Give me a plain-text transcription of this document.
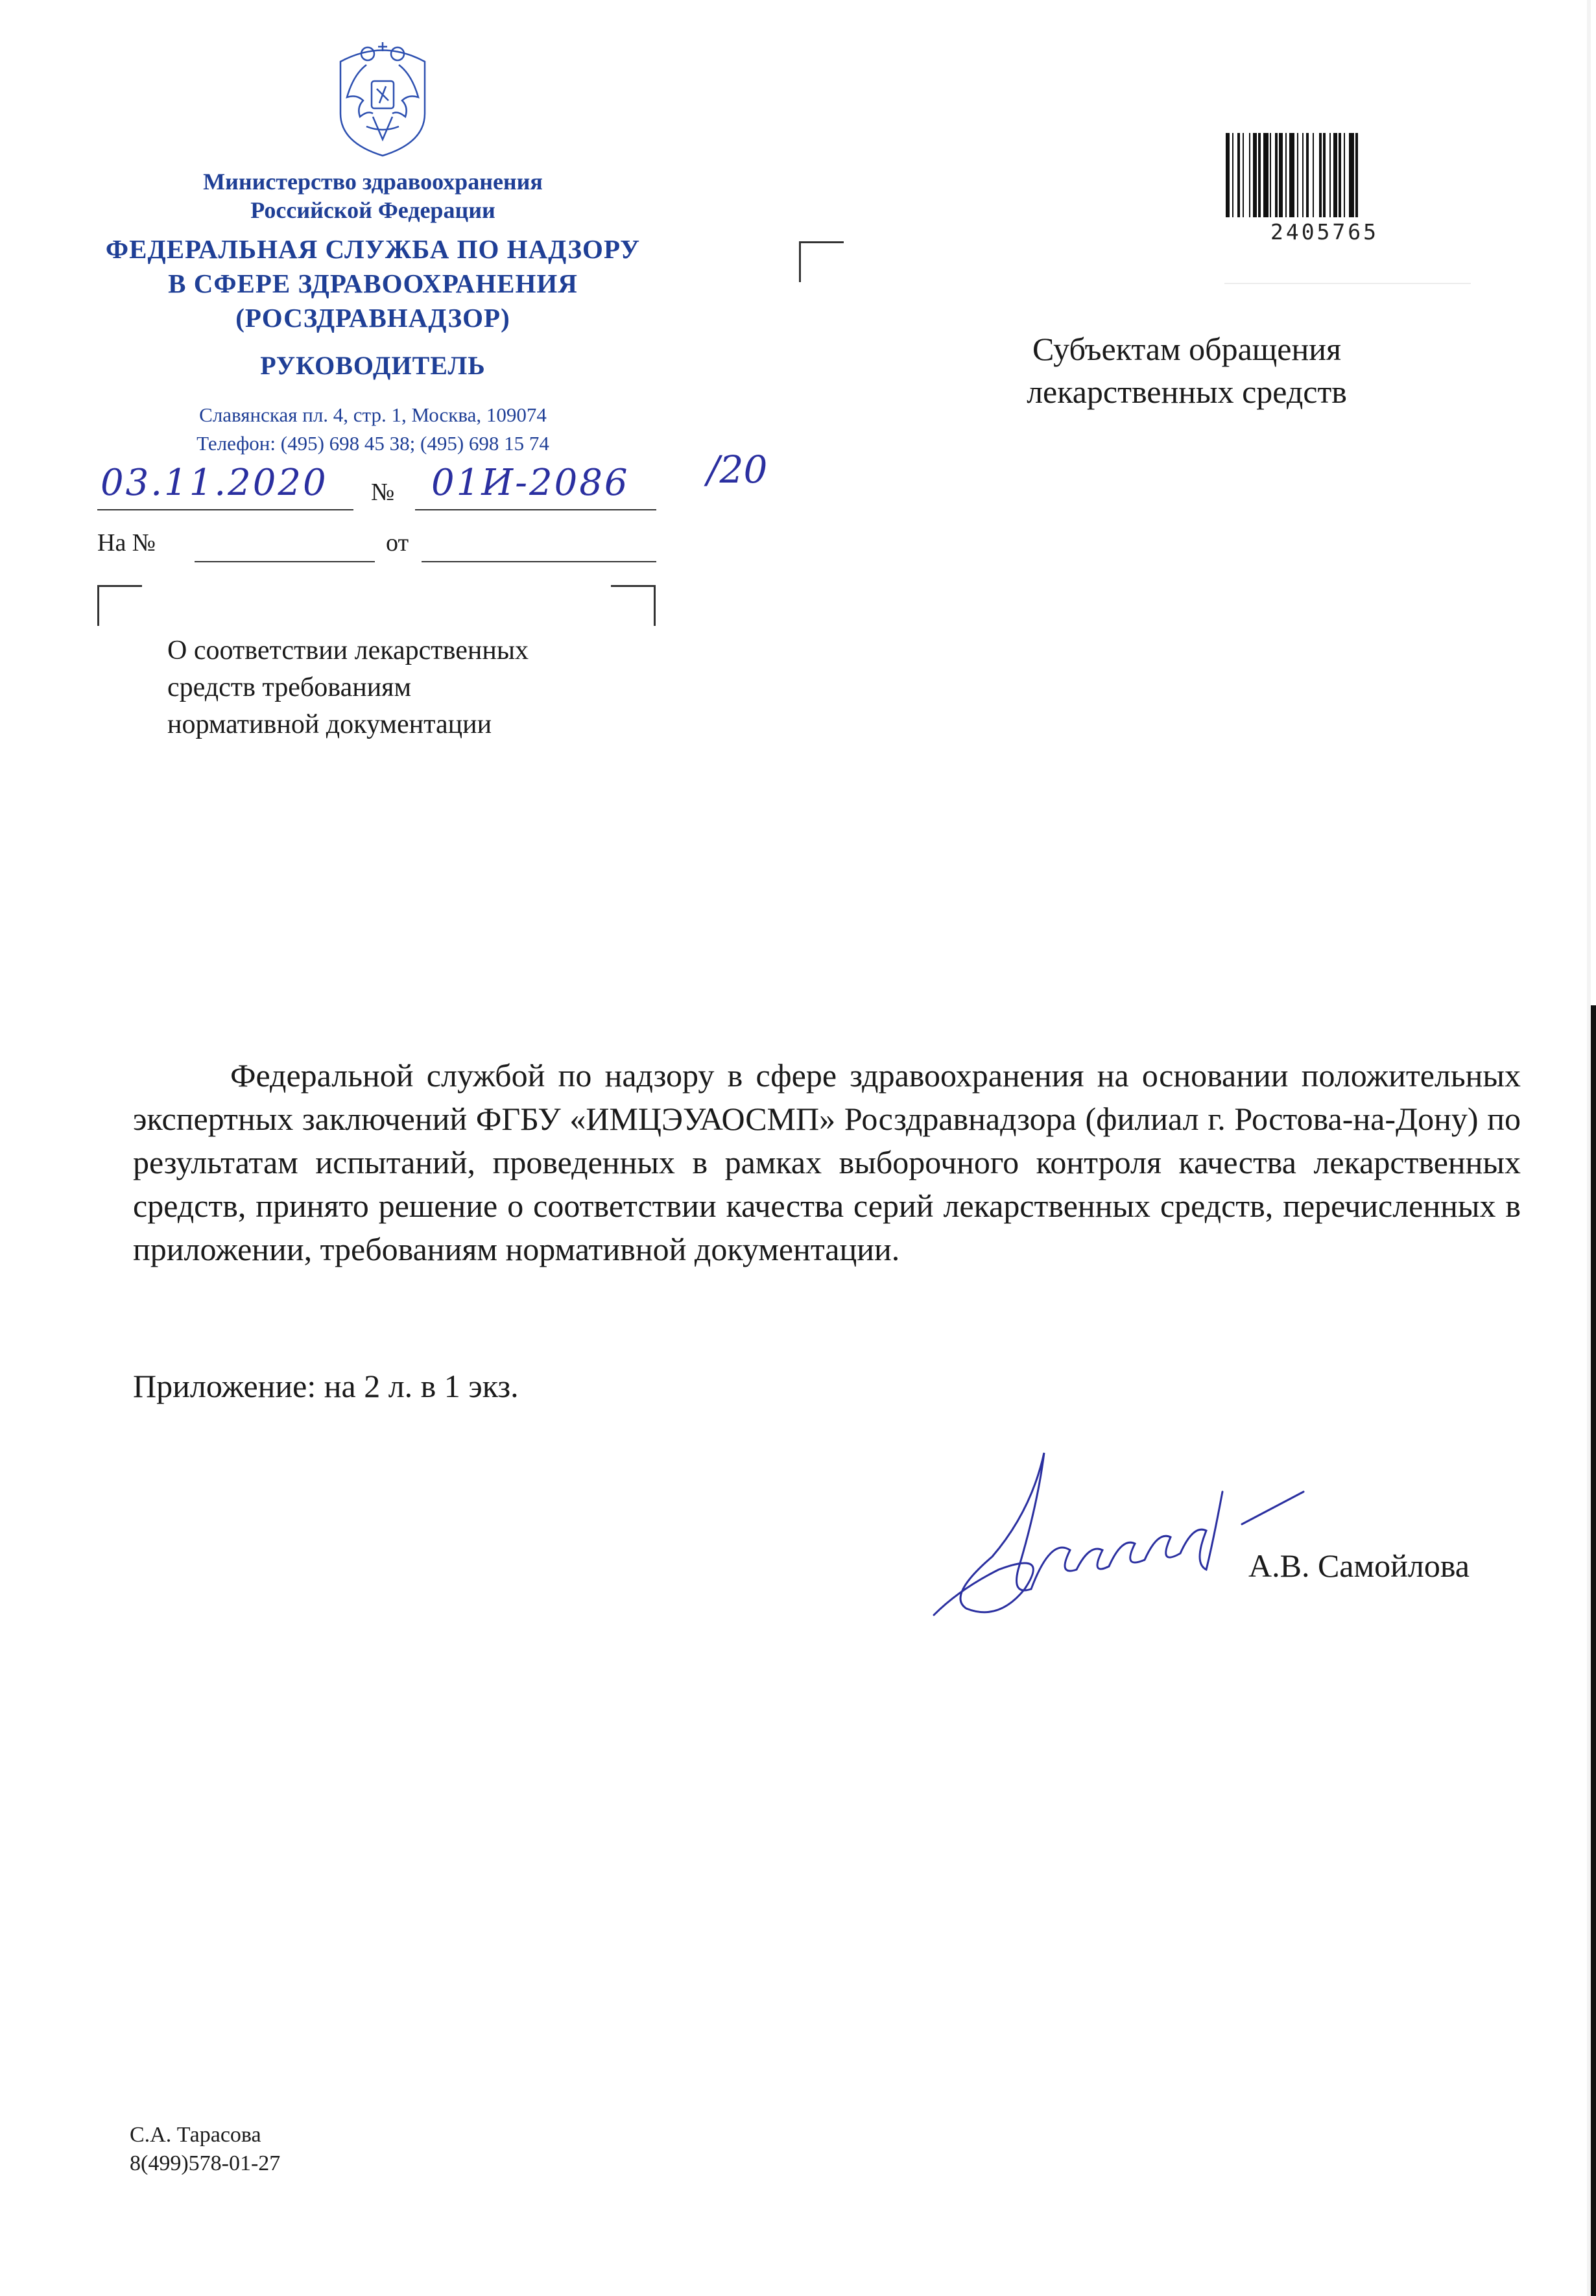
Министерство здравоохранения
Российской Федерации
ФЕДЕРАЛЬНАЯ СЛУЖБА ПО НАДЗОРУ
В СФЕРЕ ЗДРАВООХРАНЕНИЯ
(РОСЗДРАВНАДЗОР)
РУКОВОДИТЕЛЬ
Славянская пл. 4, стр. 1, Москва, 109074
Телефон: (495) 698 45 38; (495) 698 15 74
03.11.2020 № 01И-2086 /20
На №	от
О соответствии лекарственных
средств требованиям
нормативной документации
Субъектам обращения
лекарственных средств
2405765

Федеральной службой по надзору в сфере здравоохранения на основании положительных экспертных заключений ФГБУ «ИМЦЭУАОСМП» Росздравнадзора (филиал г. Ростова-на-Дону) по результатам испытаний, проведенных в рамках выборочного контроля качества лекарственных средств, принято решение о соответствии качества серий лекарственных средств, перечисленных в приложении, требованиям нормативной документации.

Приложение: на 2 л. в 1 экз.
А.В. Самойлова
С.А. Тарасова
8(499)578-01-27
